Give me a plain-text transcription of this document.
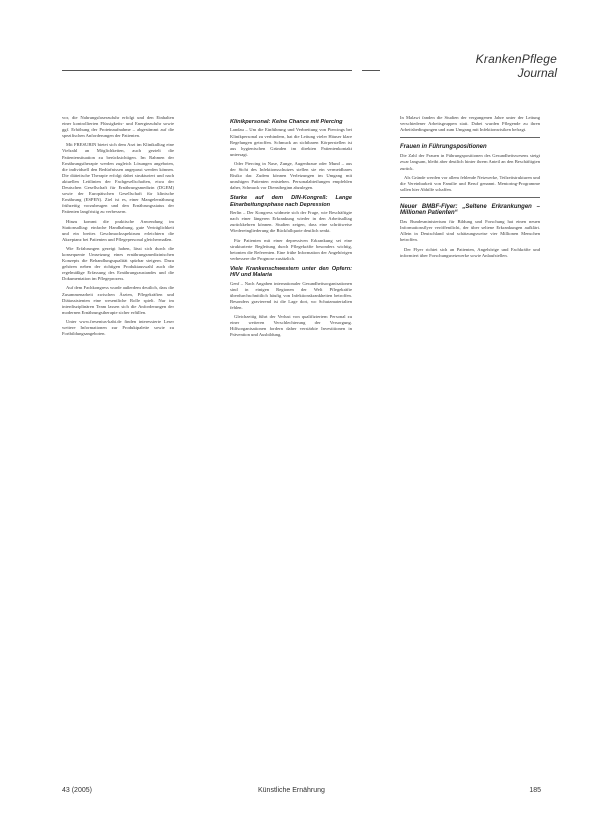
KrankenPflege
Journal

vor, die Nahrungsfaserzufuhr erfolgt und den Einhalten einer kontrollierten Flüssigkeits- und Energiezufuhr sowie ggf. Erhöhung der Proteinaufnahme – abgestimmt auf die spezifischen Anforderungen der Patienten.

Mit FRESUBIN bietet sich dem Arzt im Klinikalltag eine Vielzahl an Möglichkeiten, auch gezielt die Patientensituation zu berücksichtigen. Im Rahmen der Ernährungstherapie werden zugleich Lösungen angeboten, die individuell den Bedürfnissen angepasst werden können. Die diätetische Therapie erfolgt dabei strukturiert und nach aktuellen Leitlinien der Fachgesellschaften, etwa der Deutschen Gesellschaft für Ernährungsmedizin (DGEM) sowie der Europäischen Gesellschaft für klinische Ernährung (ESPEN). Ziel ist es, einer Mangelernährung frühzeitig vorzubeugen und den Ernährungsstatus der Patienten langfristig zu verbessern.

Hinzu kommt die praktische Anwendung im Stationsalltag: einfache Handhabung, gute Verträglichkeit und ein breites Geschmacksspektrum erleichtern die Akzeptanz bei Patienten und Pflegepersonal gleichermaßen.

Wie Erfahrungen gezeigt haben, lässt sich durch die konsequente Umsetzung eines ernährungsmedizinischen Konzepts die Behandlungsqualität spürbar steigern. Dazu gehören neben der richtigen Produktauswahl auch die regelmäßige Erfassung des Ernährungszustandes und die Dokumentation im Pflegeprozess.

Auf dem Fachkongress wurde außerdem deutlich, dass die Zusammenarbeit zwischen Ärzten, Pflegekräften und Diätassistenten eine wesentliche Rolle spielt. Nur im interdisziplinären Team lassen sich die Anforderungen der modernen Ernährungstherapie sicher erfüllen.

Unter www.fresenius-kabi.de finden interessierte Leser weitere Informationen zur Produktpalette sowie zu Fortbildungsangeboten.

Klinikpersonal: Keine Chance mit Piercing

Landau – Um die Einführung und Verbreitung von Piercings bei Klinikpersonal zu verhindern, hat die Leitung vieler Häuser klare Regelungen getroffen. Schmuck an sichtbaren Körperstellen ist aus hygienischen Gründen im direkten Patientenkontakt untersagt.

Oder Piercing in Nase, Zunge, Augenbraue oder Mund – aus der Sicht des Infektionsschutzes stellen sie ein vermeidbares Risiko dar. Zudem können Verletzungen im Umgang mit unruhigen Patienten entstehen. Personalabteilungen empfehlen daher, Schmuck vor Dienstbeginn abzulegen.

Starke auf dem DIN-Kongreß: Lange Einarbeitungsphase nach Depression

Berlin – Der Kongress widmete sich der Frage, wie Beschäftigte nach einer längeren Erkrankung wieder in den Arbeitsalltag zurückkehren können. Studien zeigen, dass eine schrittweise Wiedereingliederung die Rückfallquote deutlich senkt.

Für Patienten mit einer depressiven Erkrankung sei eine strukturierte Begleitung durch Pflegekräfte besonders wichtig, betonten die Referenten. Eine frühe Information der Angehörigen verbessere die Prognose zusätzlich.

Viele Krankenschwestern unter den Opfern: HIV und Malaria

Genf – Nach Angaben internationaler Gesundheitsorganisationen sind in einigen Regionen der Welt Pflegekräfte überdurchschnittlich häufig von Infektionskrankheiten betroffen. Besonders gravierend ist die Lage dort, wo Schutzmaterialien fehlen.

Gleichzeitig führt der Verlust von qualifiziertem Personal zu einer weiteren Verschlechterung der Versorgung. Hilfsorganisationen fordern daher verstärkte Investitionen in Prävention und Ausbildung.

In Malawi fanden die Studien der vergangenen Jahre unter der Leitung verschiedener Arbeitsgruppen statt. Dabei wurden Pflegende zu ihren Arbeitsbedingungen und zum Umgang mit Infektionsrisiken befragt.

Frauen in Führungspositionen

Die Zahl der Frauen in Führungspositionen des Gesundheitswesens steigt zwar langsam, bleibt aber deutlich hinter ihrem Anteil an den Beschäftigten zurück.

Als Gründe werden vor allem fehlende Netzwerke, Teilzeitstrukturen und die Vereinbarkeit von Familie und Beruf genannt. Mentoring-Programme sollen hier Abhilfe schaffen.

Neuer BMBF-Flyer: „Seltene Erkrankungen – Millionen Patienten“

Das Bundesministerium für Bildung und Forschung hat einen neuen Informationsflyer veröffentlicht, der über seltene Erkrankungen aufklärt. Allein in Deutschland sind schätzungsweise vier Millionen Menschen betroffen.

Der Flyer richtet sich an Patienten, Angehörige und Fachkräfte und informiert über Forschungsnetzwerke sowie Anlaufstellen.

43 (2005)	Künstliche Ernährung	185
